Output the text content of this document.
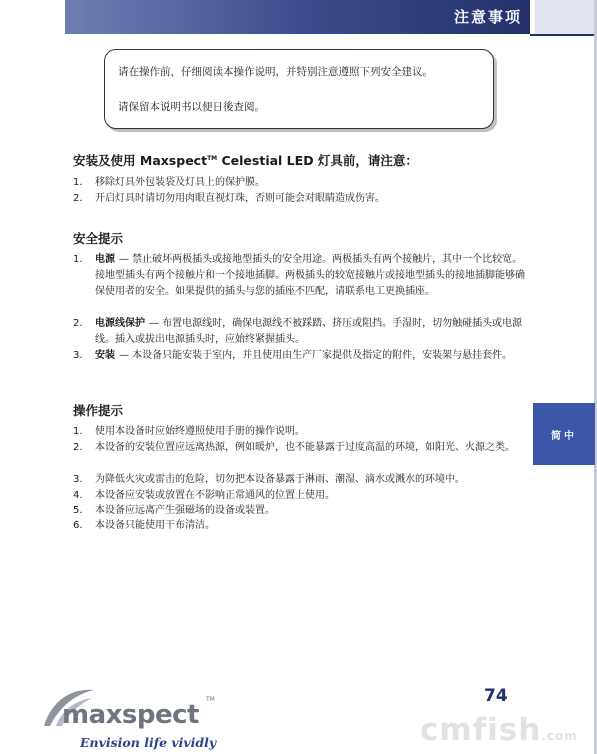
注意事项
请在操作前，仔细阅读本操作说明，并特别注意遵照下列安全建议。
请保留本说明书以便日後查阅。
安装及使用 Maxspect™ Celestial LED 灯具前，请注意：
1.	移除灯具外包装袋及灯具上的保护膜。
2.	开启灯具时请切勿用肉眼直视灯珠，否则可能会对眼睛造成伤害。
安全提示
1.	电源 — 禁止破坏两极插头或接地型插头的安全用途。两极插头有两个接触片，其中一个比较宽。接地型插头有两个接触片和一个接地插脚。两极插头的较宽接触片或接地型插头的接地插脚能够确保使用者的安全。如果提供的插头与您的插座不匹配，请联系电工更换插座。
2.	电源线保护 — 布置电源线时，确保电源线不被踩踏、挤压或阻挡。手湿时，切勿触碰插头或电源线。插入或拔出电源插头时，应始终紧握插头。
3.	安装 — 本设备只能安装于室内，并且使用由生产厂家提供及指定的附件，安装架与悬挂套件。
操作提示
1.	使用本设备时应始终遵照使用手册的操作说明。
2.	本设备的安装位置应远离热源，例如暖炉，也不能暴露于过度高温的环境，如阳光、火源之类。
3.	为降低火灾或雷击的危险，切勿把本设备暴露于淋雨、潮湿、滴水或溅水的环境中。
4.	本设备应安装或放置在不影响正常通风的位置上使用。
5.	本设备应远离产生强磁场的设备或装置。
6.	本设备只能使用干布清洁。
简中
74
maxspect
TM
Envision life vividly	cmfish.com
